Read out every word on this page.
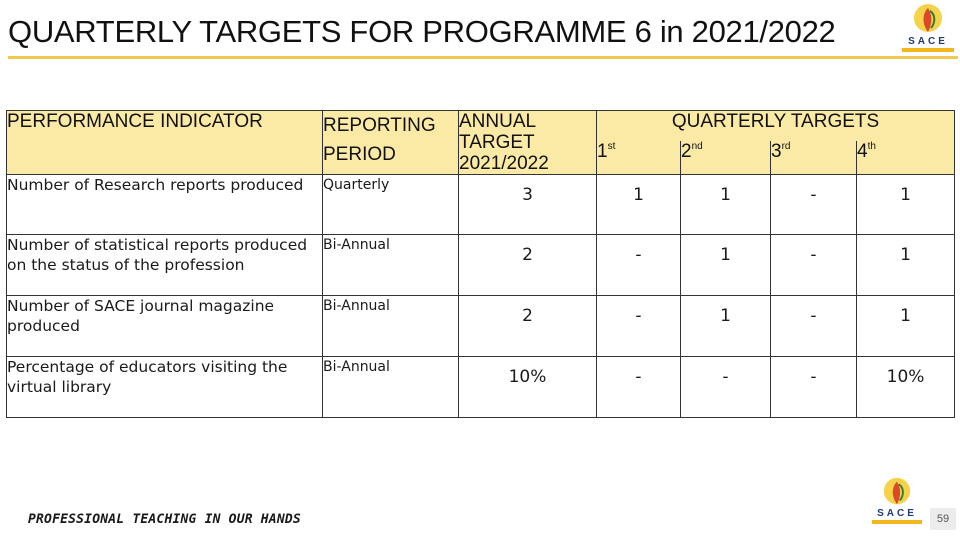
QUARTERLY TARGETS FOR PROGRAMME 6 in 2021/2022	SACE
PERFORMANCE INDICATOR	REPORTING PERIOD	ANNUAL TARGET 2021/2022	QUARTERLY TARGETS			
			1st	2nd	3rd	4th
Number of Research reports produced	Quarterly	3	1	1	-	1
Number of statistical reports produced on the status of the profession	Bi-Annual	2	-	1	-	1
Number of SACE journal magazine produced	Bi-Annual	2	-	1	-	1
Percentage of educators visiting the virtual library	Bi-Annual	10%	-	-	-	10%
PROFESSIONAL TEACHING IN OUR HANDS	SACE	59
